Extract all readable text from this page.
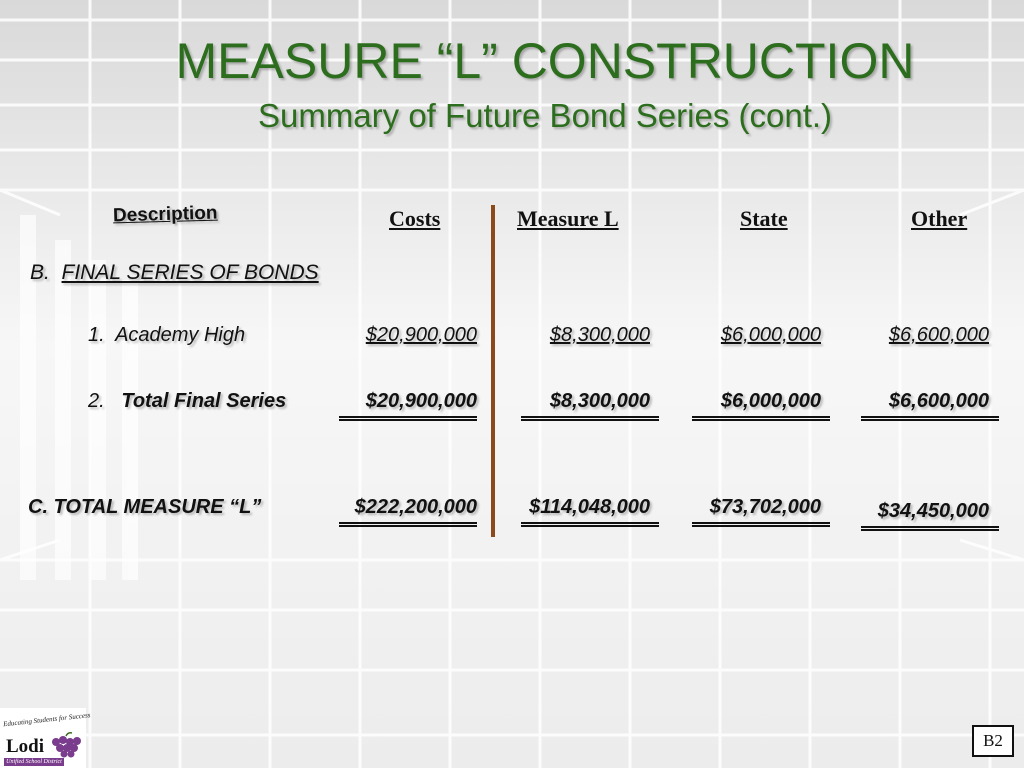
MEASURE “L” CONSTRUCTION
Summary of Future Bond Series (cont.)
Description	Costs	Measure L	State	Other
B. FINAL SERIES OF BONDS
1. Academy High	$20,900,000	$8,300,000	$6,000,000	$6,600,000
2. Total Final Series	$20,900,000	$8,300,000	$6,000,000	$6,600,000
C. TOTAL MEASURE “L”	$222,200,000	$114,048,000	$73,702,000	$34,450,000
Educating Students for Success
Lodi
Unified School District
B2
